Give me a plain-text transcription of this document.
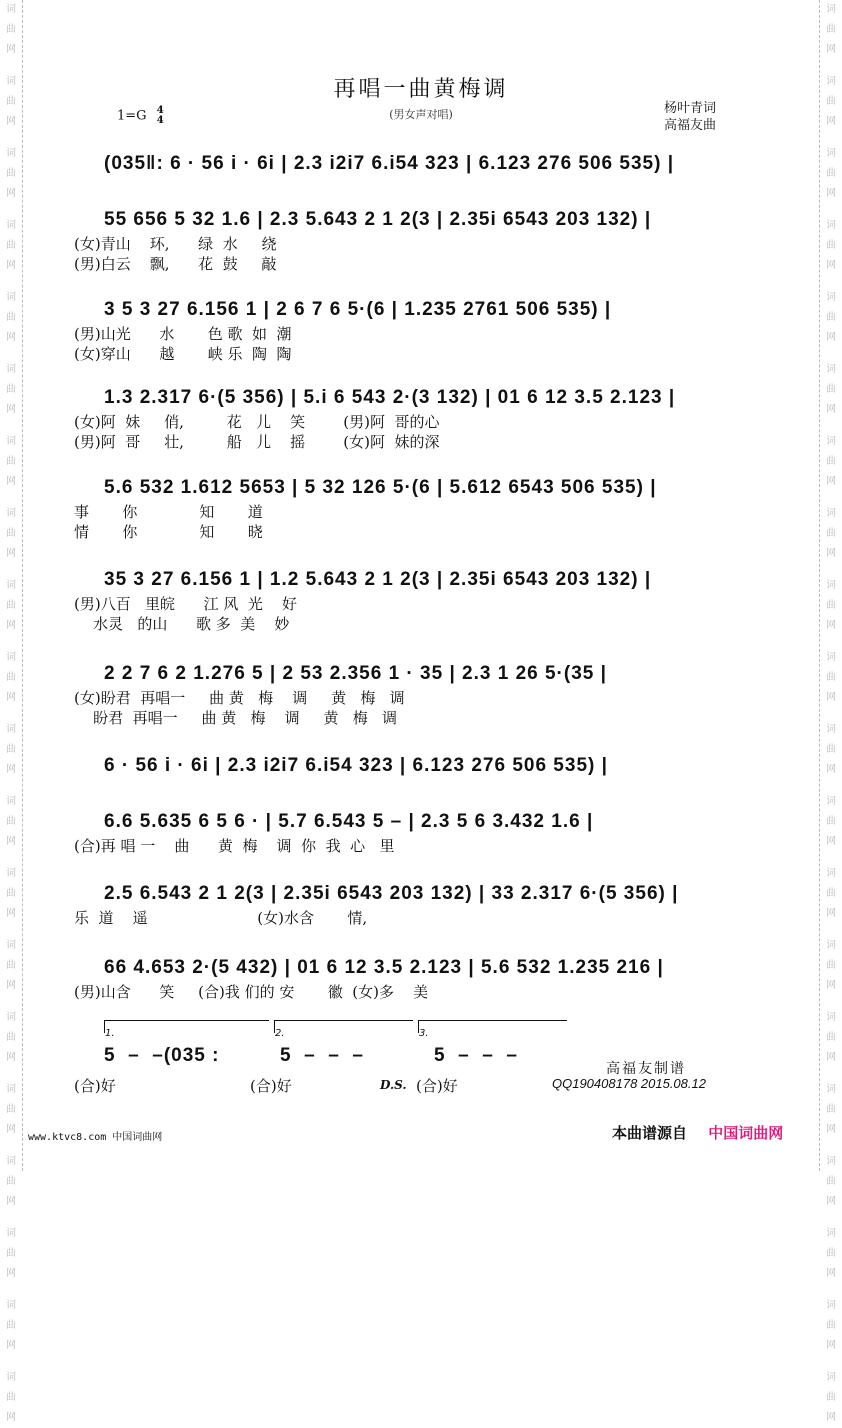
词
曲
网
词
曲
网
词
曲
网
词
曲
网
词
曲
网
词
曲
网
词
曲
网
词
曲
网
词
曲
网
词
曲
网
词
曲
网
词
曲
网
词
曲
网
词
曲
网
词
曲
网
词
曲
网
词
曲
网
词
曲
网
词
曲
网
词
曲
网
词
曲
网
词
曲
网
词
曲
网
词
曲
网
词
曲
网
词
曲
网
词
曲
网
词
曲
网
词
曲
网
词
曲
网
词
曲
网
词
曲
网
词
曲
网
词
曲
网
词
曲
网
词
曲
网
词
曲
网
词
曲
网
词
曲
网
词
曲
网
再唱一曲黄梅调
(男女声对唱)
1=G 4
4
杨叶青词
高福友曲
(035‖: 6 · 56 i · 6i | 2.3 i2i7 6.i54 323 | 6.123 276 506 535) |
55 656 5 32 1.6 | 2.3 5.643 2 1 2(3 | 2.35i 6543 203 132) |
(女)青山    环,      绿  水     绕
(男)白云    飘,      花  鼓     敲
3 5 3 27 6.156 1 | 2 6 7 6 5·(6 | 1.235 2761 506 535) |
(男)山光      水       色 歌  如  潮
(女)穿山      越       峡 乐  陶  陶
1.3 2.317 6·(5 356) | 5.i 6 543 2·(3 132) | 01 6 12 3.5 2.123 |
(女)阿  妹     俏,         花   儿    笑        (男)阿  哥的心
(男)阿  哥     壮,         船   儿    摇        (女)阿  妹的深
5.6 532 1.612 5653 | 5 32 126 5·(6 | 5.612 6543 506 535) |
事       你             知       道
情       你             知       晓
35 3 27 6.156 1 | 1.2 5.643 2 1 2(3 | 2.35i 6543 203 132) |
(男)八百   里皖      江 风  光    好
水灵   的山      歌 多  美    妙
2 2 7 6 2 1.276 5 | 2 53 2.356 1 · 35 | 2.3 1 26 5·(35 |
(女)盼君  再唱一     曲 黄   梅    调     黄   梅   调
盼君  再唱一     曲 黄   梅    调     黄   梅   调
6 · 56 i · 6i | 2.3 i2i7 6.i54 323 | 6.123 276 506 535) |
6.6 5.635 6 5 6 · | 5.7 6.543 5 – | 2.3 5 6 3.432 1.6 |
(合)再 唱 一    曲      黄  梅    调  你  我  心   里
2.5 6.543 2 1 2(3 | 2.35i 6543 203 132) | 33 2.317 6·(5 356) |
乐  道    遥                       (女)水含       情,
66 4.653 2·(5 432) | 01 6 12 3.5 2.123 | 5.6 532 1.235 216 |
(男)山含      笑     (合)我 们的 安       徽  (女)多    美
1.	2.	3.
5  –  –(035 :	5  –  –  –	5  –  –  –
(合)好	(合)好	D.S. (合)好
高福友制谱
QQ190408178 2015.08.12
www.ktvc8.com 中国词曲网	本曲谱源自 中国词曲网
